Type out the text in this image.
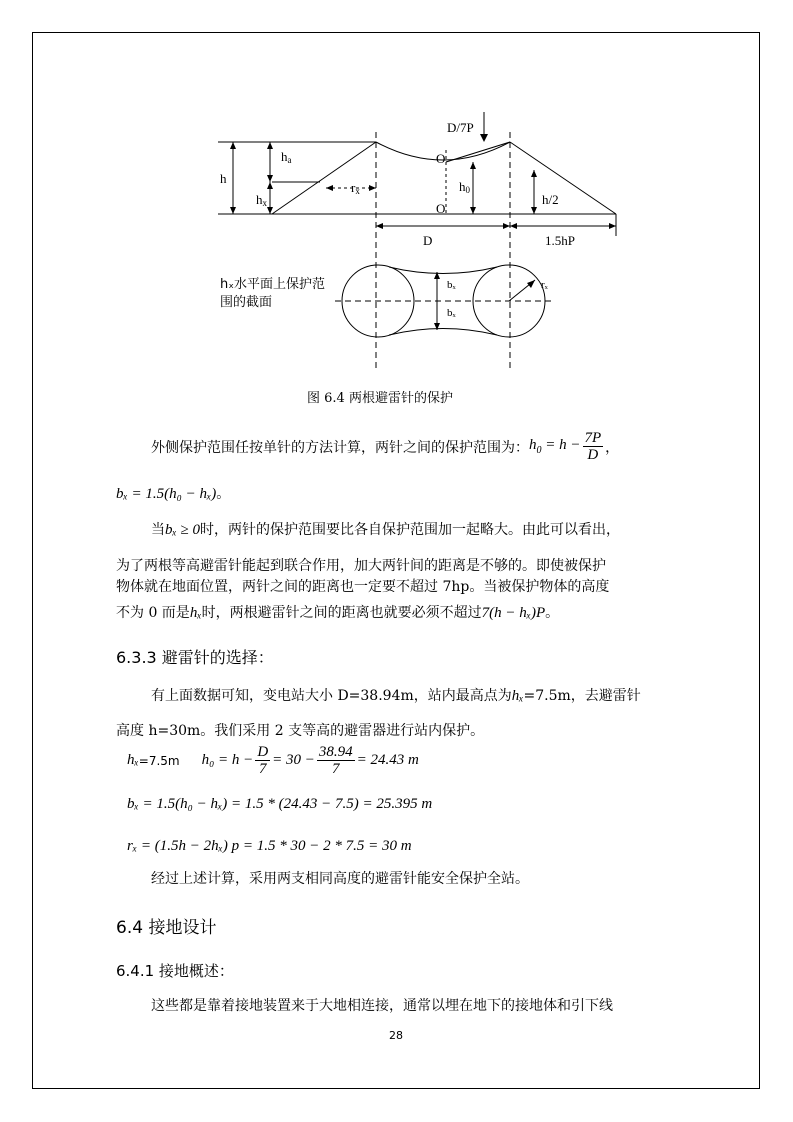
D/7P
ha
h
hx
rx
O
O
h0
h/2
D	1.5hP
bₓ
bₓ
rₓ
hₓ水平面上保护范
围的截面
图 6.4 两根避雷针的保护
外侧保护范围任按单针的方法计算，两针之间的保护范围为： $h_0 = h - \frac{7P}{D}$ ，
bₓ = 1.5(h₀ − hₓ)。
当bₓ ≥ 0时，两针的保护范围要比各自保护范围加一起略大。由此可以看出，
为了两根等高避雷针能起到联合作用，加大两针间的距离是不够的。即使被保护
物体就在地面位置，两针之间的距离也一定要不超过 7hp。当被保护物体的高度
不为 0 而是hₓ时，两根避雷针之间的距离也就要必须不超过7(h − hₓ)P。
6.3.3 避雷针的选择：
有上面数据可知，变电站大小 D=38.94m，站内最高点为hₓ=7.5m，去避雷针
高度 h=30m。我们采用 2 支等高的避雷器进行站内保护。
hₓ =7.5m $h_0 = h - \frac{D}{7} = 30 - \frac{38.94}{7} = 24.43$ m
bₓ = 1.5(h₀ − hₓ) = 1.5 * (24.43 − 7.5) = 25.395 m
rₓ = (1.5h − 2hₓ) p = 1.5 * 30 − 2 * 7.5 = 30 m
经过上述计算，采用两支相同高度的避雷针能安全保护全站。
6.4 接地设计
6.4.1 接地概述：
这些都是靠着接地装置来于大地相连接，通常以埋在地下的接地体和引下线
28
